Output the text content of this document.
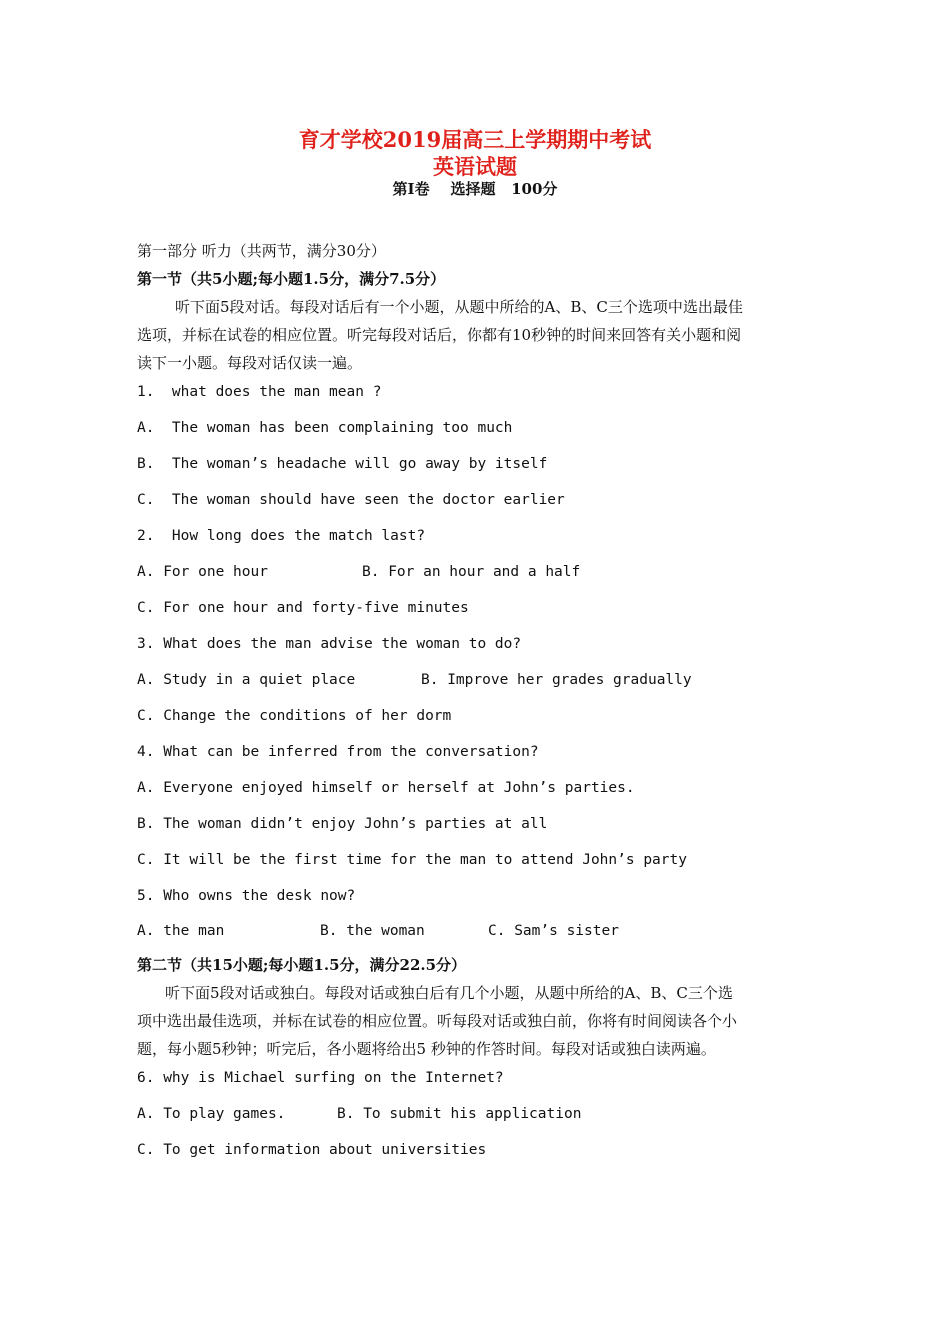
育才学校2019届高三上学期期中考试
英语试题
第Ⅰ卷    选择题   100分
第一部分 听力（共两节，满分30分）
第一节（共5小题;每小题1.5分，满分7.5分）
听下面5段对话。每段对话后有一个小题，从题中所给的A、B、C三个选项中选出最佳
选项，并标在试卷的相应位置。听完每段对话后，你都有10秒钟的时间来回答有关小题和阅
读下一小题。每段对话仅读一遍。
1.  what does the man mean ?
A.  The woman has been complaining too much
B.  The woman’s headache will go away by itself
C.  The woman should have seen the doctor earlier
2.  How long does the match last?
A. For one hour	B. For an hour and a half
C. For one hour and forty-five minutes
3. What does the man advise the woman to do?
A. Study in a quiet place	B. Improve her grades gradually
C. Change the conditions of her dorm
4. What can be inferred from the conversation?
A. Everyone enjoyed himself or herself at John’s parties.
B. The woman didn’t enjoy John’s parties at all
C. It will be the first time for the man to attend John’s party
5. Who owns the desk now?
A. the man	B. the woman	C. Sam’s sister
第二节（共15小题;每小题1.5分，满分22.5分）
听下面5段对话或独白。每段对话或独白后有几个小题，从题中所给的A、B、C三个选
项中选出最佳选项，并标在试卷的相应位置。听每段对话或独白前，你将有时间阅读各个小
题，每小题5秒钟；听完后，各小题将给出5 秒钟的作答时间。每段对话或独白读两遍。
6. why is Michael surfing on the Internet?
A. To play games.	B. To submit his application
C. To get information about universities
